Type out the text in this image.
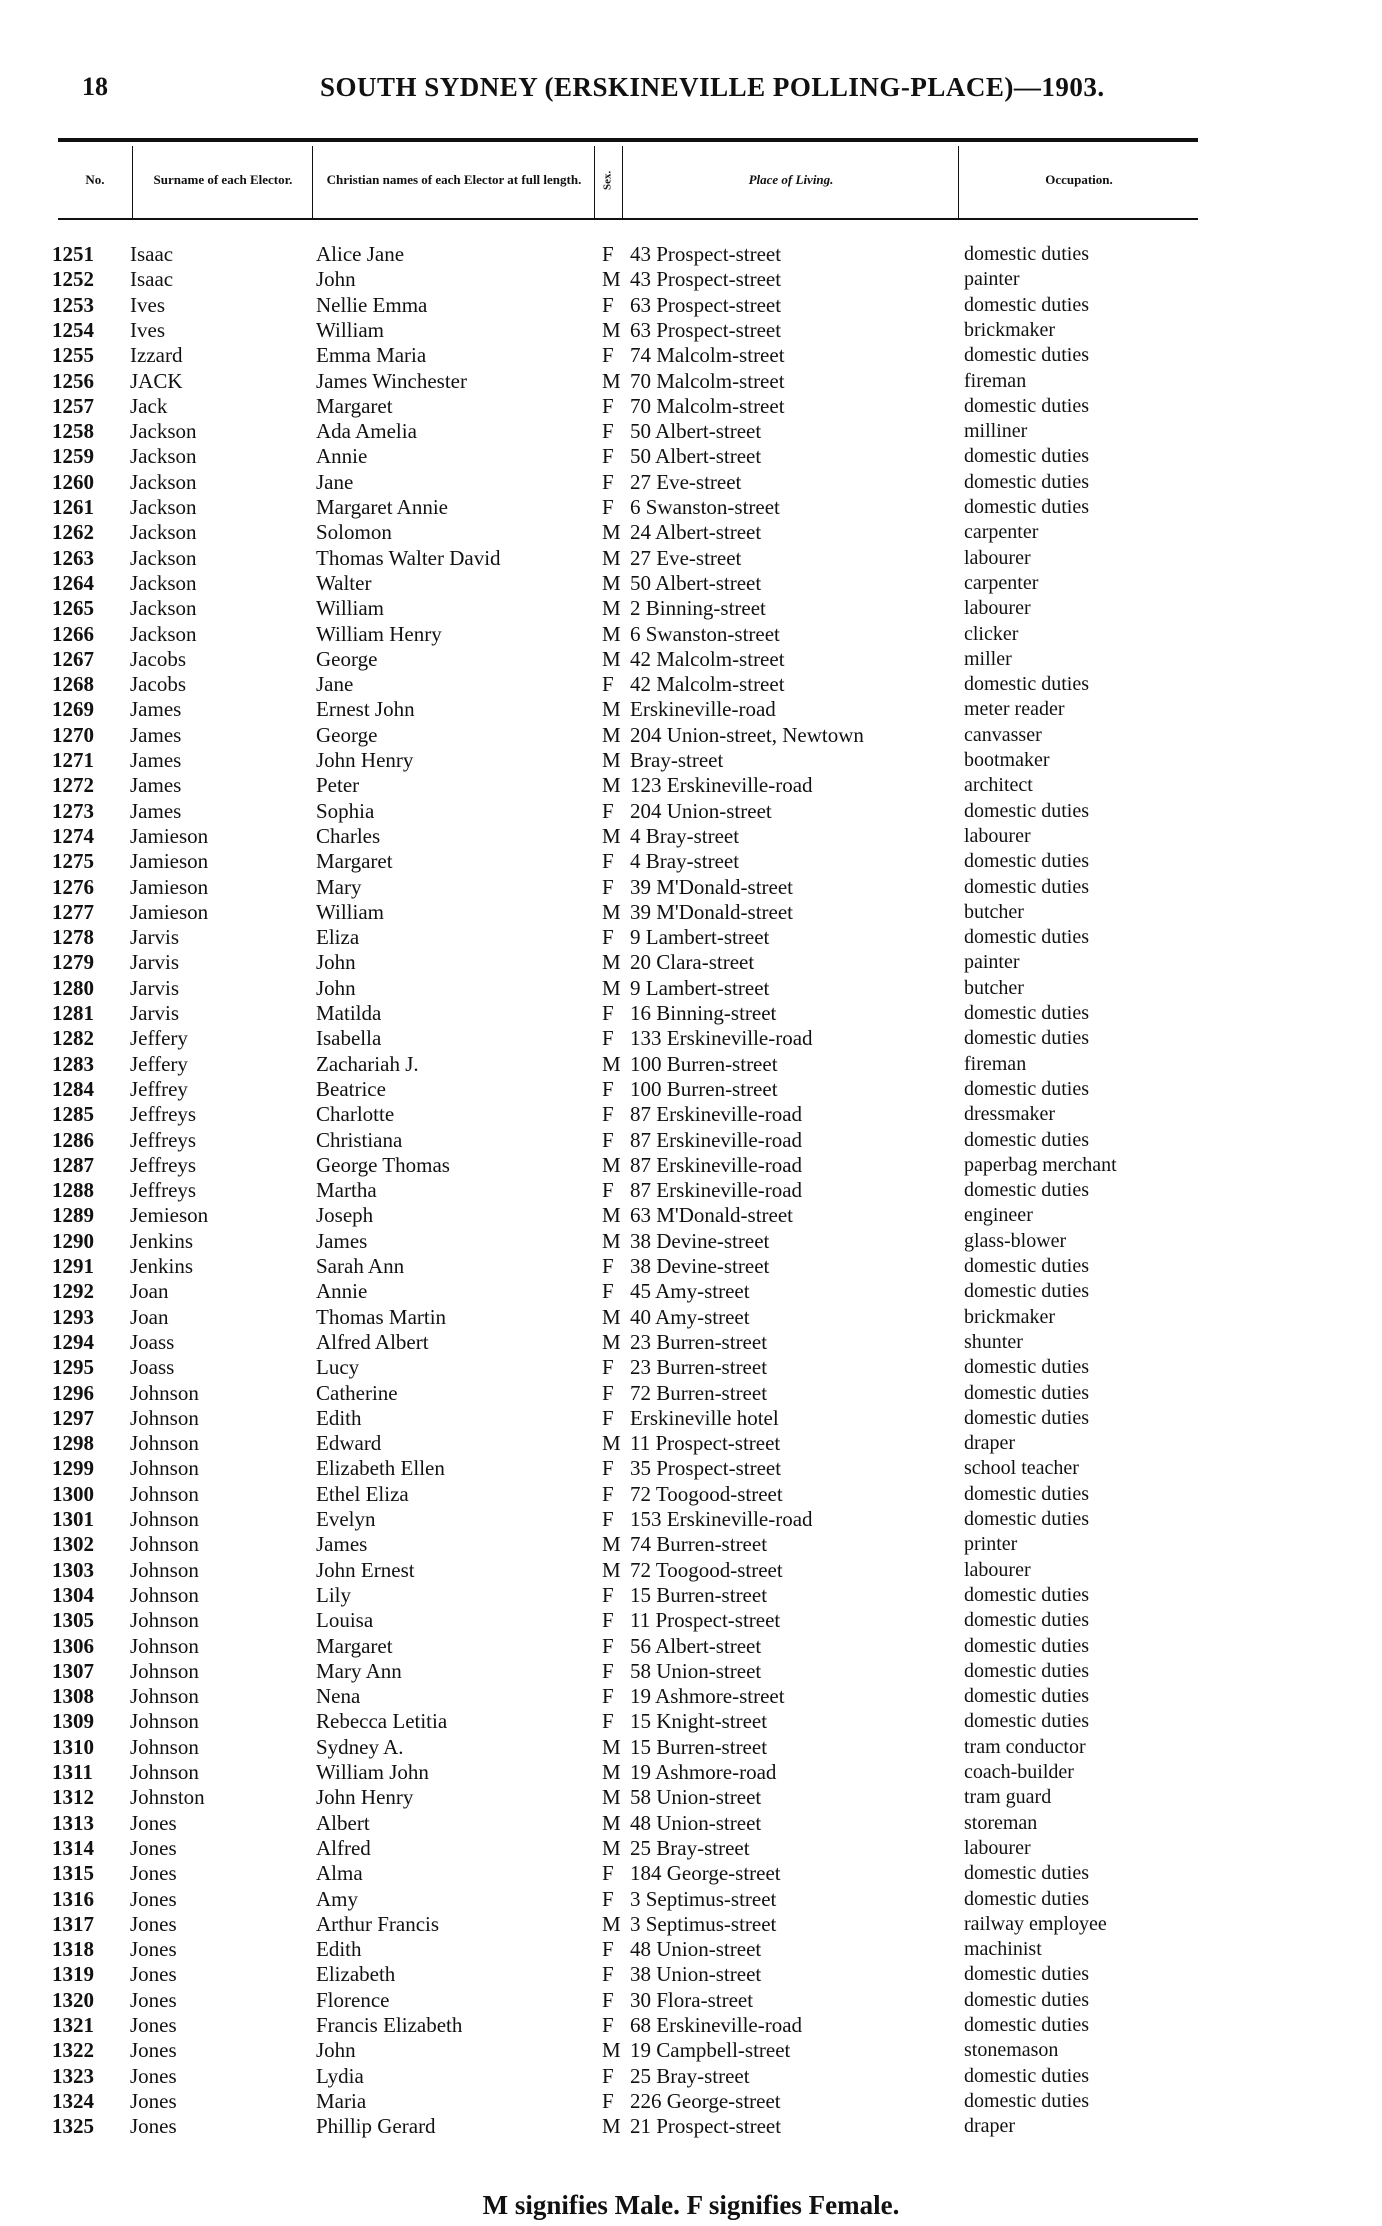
18	SOUTH SYDNEY (ERSKINEVILLE POLLING-PLACE)—1903.
No.	Surname of each Elector.	Christian names of each Elector at full length.	Sex.	Place of Living.	Occupation.
1251	Isaac	Alice Jane	F 43 Prospect-street	domestic duties
1252	Isaac	John	M 43 Prospect-street	painter
1253	Ives	Nellie Emma	F 63 Prospect-street	domestic duties
1254	Ives	William	M 63 Prospect-street	brickmaker
1255	Izzard	Emma Maria	F 74 Malcolm-street	domestic duties
1256	JACK	James Winchester	M 70 Malcolm-street	fireman
1257	Jack	Margaret	F 70 Malcolm-street	domestic duties
1258	Jackson	Ada Amelia	F 50 Albert-street	milliner
1259	Jackson	Annie	F 50 Albert-street	domestic duties
1260	Jackson	Jane	F 27 Eve-street	domestic duties
1261	Jackson	Margaret Annie	F 6 Swanston-street	domestic duties
1262	Jackson	Solomon	M 24 Albert-street	carpenter
1263	Jackson	Thomas Walter David	M 27 Eve-street	labourer
1264	Jackson	Walter	M 50 Albert-street	carpenter
1265	Jackson	William	M 2 Binning-street	labourer
1266	Jackson	William Henry	M 6 Swanston-street	clicker
1267	Jacobs	George	M 42 Malcolm-street	miller
1268	Jacobs	Jane	F 42 Malcolm-street	domestic duties
1269	James	Ernest John	M Erskineville-road	meter reader
1270	James	George	M 204 Union-street, Newtown	canvasser
1271	James	John Henry	M Bray-street	bootmaker
1272	James	Peter	M 123 Erskineville-road	architect
1273	James	Sophia	F 204 Union-street	domestic duties
1274	Jamieson	Charles	M 4 Bray-street	labourer
1275	Jamieson	Margaret	F 4 Bray-street	domestic duties
1276	Jamieson	Mary	F 39 M'Donald-street	domestic duties
1277	Jamieson	William	M 39 M'Donald-street	butcher
1278	Jarvis	Eliza	F 9 Lambert-street	domestic duties
1279	Jarvis	John	M 20 Clara-street	painter
1280	Jarvis	John	M 9 Lambert-street	butcher
1281	Jarvis	Matilda	F 16 Binning-street	domestic duties
1282	Jeffery	Isabella	F 133 Erskineville-road	domestic duties
1283	Jeffery	Zachariah J.	M 100 Burren-street	fireman
1284	Jeffrey	Beatrice	F 100 Burren-street	domestic duties
1285	Jeffreys	Charlotte	F 87 Erskineville-road	dressmaker
1286	Jeffreys	Christiana	F 87 Erskineville-road	domestic duties
1287	Jeffreys	George Thomas	M 87 Erskineville-road	paperbag merchant
1288	Jeffreys	Martha	F 87 Erskineville-road	domestic duties
1289	Jemieson	Joseph	M 63 M'Donald-street	engineer
1290	Jenkins	James	M 38 Devine-street	glass-blower
1291	Jenkins	Sarah Ann	F 38 Devine-street	domestic duties
1292	Joan	Annie	F 45 Amy-street	domestic duties
1293	Joan	Thomas Martin	M 40 Amy-street	brickmaker
1294	Joass	Alfred Albert	M 23 Burren-street	shunter
1295	Joass	Lucy	F 23 Burren-street	domestic duties
1296	Johnson	Catherine	F 72 Burren-street	domestic duties
1297	Johnson	Edith	F Erskineville hotel	domestic duties
1298	Johnson	Edward	M 11 Prospect-street	draper
1299	Johnson	Elizabeth Ellen	F 35 Prospect-street	school teacher
1300	Johnson	Ethel Eliza	F 72 Toogood-street	domestic duties
1301	Johnson	Evelyn	F 153 Erskineville-road	domestic duties
1302	Johnson	James	M 74 Burren-street	printer
1303	Johnson	John Ernest	M 72 Toogood-street	labourer
1304	Johnson	Lily	F 15 Burren-street	domestic duties
1305	Johnson	Louisa	F 11 Prospect-street	domestic duties
1306	Johnson	Margaret	F 56 Albert-street	domestic duties
1307	Johnson	Mary Ann	F 58 Union-street	domestic duties
1308	Johnson	Nena	F 19 Ashmore-street	domestic duties
1309	Johnson	Rebecca Letitia	F 15 Knight-street	domestic duties
1310	Johnson	Sydney A.	M 15 Burren-street	tram conductor
1311	Johnson	William John	M 19 Ashmore-road	coach-builder
1312	Johnston	John Henry	M 58 Union-street	tram guard
1313	Jones	Albert	M 48 Union-street	storeman
1314	Jones	Alfred	M 25 Bray-street	labourer
1315	Jones	Alma	F 184 George-street	domestic duties
1316	Jones	Amy	F 3 Septimus-street	domestic duties
1317	Jones	Arthur Francis	M 3 Septimus-street	railway employee
1318	Jones	Edith	F 48 Union-street	machinist
1319	Jones	Elizabeth	F 38 Union-street	domestic duties
1320	Jones	Florence	F 30 Flora-street	domestic duties
1321	Jones	Francis Elizabeth	F 68 Erskineville-road	domestic duties
1322	Jones	John	M 19 Campbell-street	stonemason
1323	Jones	Lydia	F 25 Bray-street	domestic duties
1324	Jones	Maria	F 226 George-street	domestic duties
1325	Jones	Phillip Gerard	M 21 Prospect-street	draper
M signifies Male. F signifies Female.
